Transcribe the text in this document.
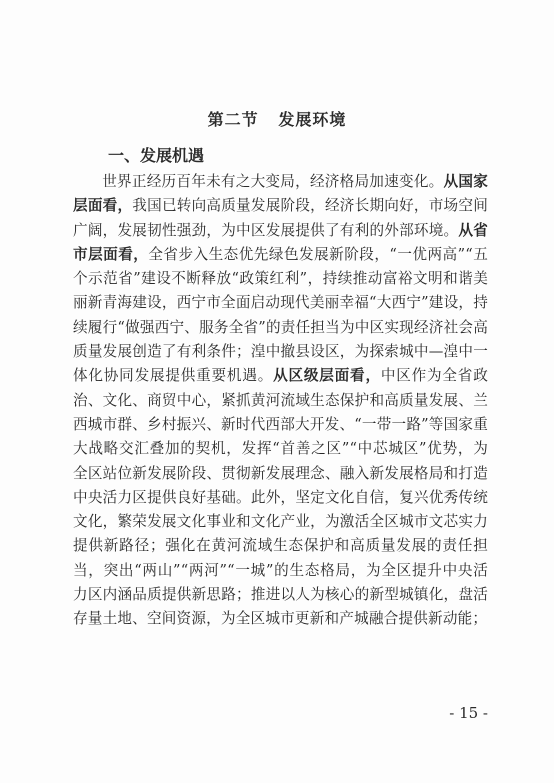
第二节   发展环境
一、发展机遇

世界正经历百年未有之大变局，经济格局加速变化。从国家层面看，我国已转向高质量发展阶段，经济长期向好，市场空间广阔，发展韧性强劲，为中区发展提供了有利的外部环境。从省市层面看，全省步入生态优先绿色发展新阶段，“一优两高”“五个示范省”建设不断释放“政策红利”，持续推动富裕文明和谐美丽新青海建设，西宁市全面启动现代美丽幸福“大西宁”建设，持续履行“做强西宁、服务全省”的责任担当为中区实现经济社会高质量发展创造了有利条件；湟中撤县设区，为探索城中—湟中一体化协同发展提供重要机遇。从区级层面看，中区作为全省政治、文化、商贸中心，紧抓黄河流域生态保护和高质量发展、兰西城市群、乡村振兴、新时代西部大开发、“一带一路”等国家重大战略交汇叠加的契机，发挥“首善之区”“中芯城区”优势，为全区站位新发展阶段、贯彻新发展理念、融入新发展格局和打造中央活力区提供良好基础。此外，坚定文化自信，复兴优秀传统文化，繁荣发展文化事业和文化产业，为激活全区城市文芯实力提供新路径；强化在黄河流域生态保护和高质量发展的责任担当，突出“两山”“两河”“一城”的生态格局，为全区提升中央活力区内涵品质提供新思路；推进以人为核心的新型城镇化，盘活存量土地、空间资源，为全区城市更新和产城融合提供新动能；

- 15 -
